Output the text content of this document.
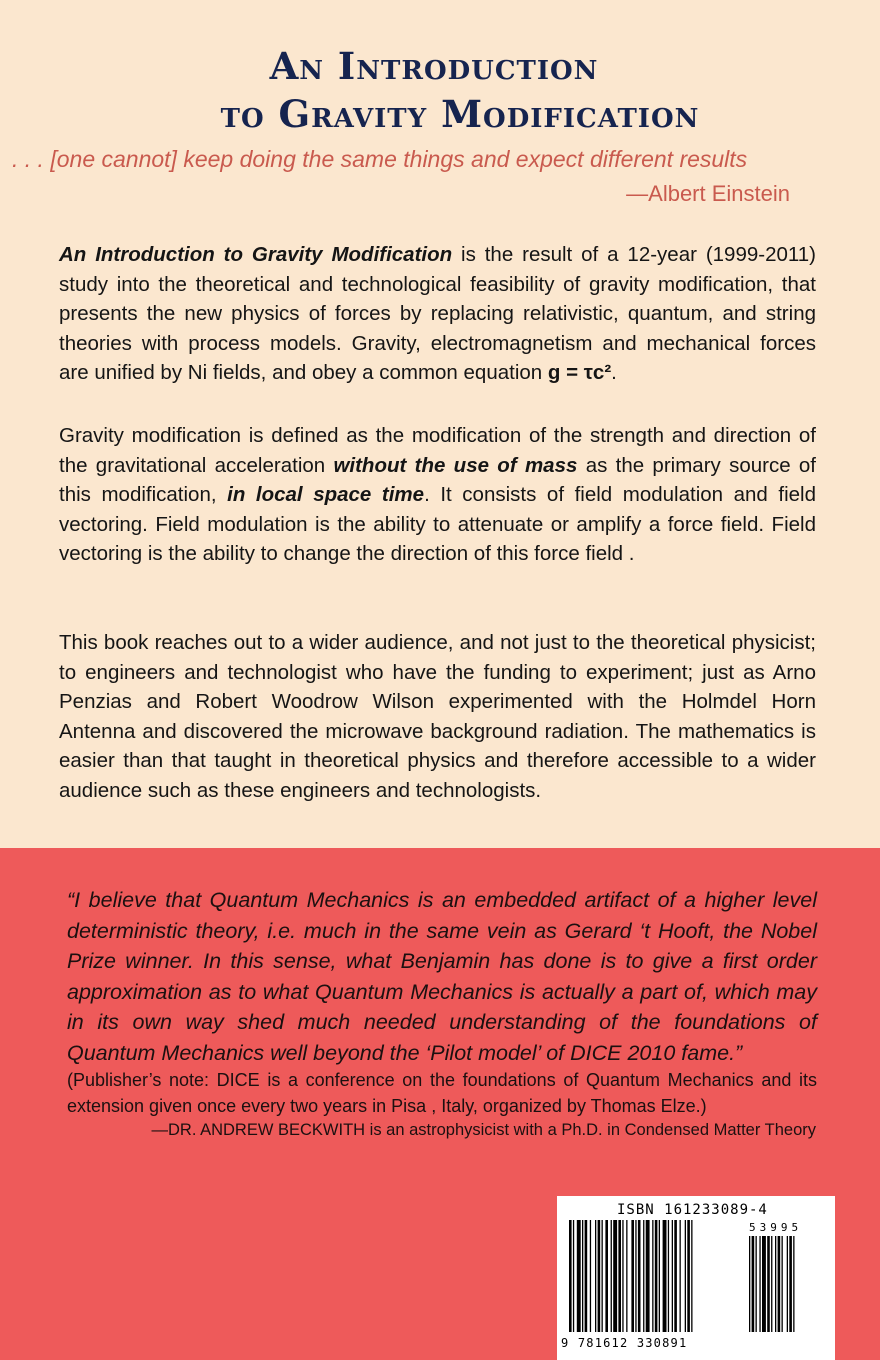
An Introduction
to Gravity Modification
. . . [one cannot] keep doing the same things and expect different results
—Albert Einstein
An Introduction to Gravity Modification is the result of a 12-year (1999-2011) study into the theoretical and technological feasibility of gravity modification, that presents the new physics of forces by replacing relativistic, quantum, and string theories with process models. Gravity, electromagnetism and mechanical forces are unified by Ni fields, and obey a common equation g = τc².
Gravity modification is defined as the modification of the strength and direction of the gravitational acceleration without the use of mass as the primary source of this modification, in local space time. It consists of field modulation and field vectoring. Field modulation is the ability to attenuate or amplify a force field. Field vectoring is the ability to change the direction of this force field .
This book reaches out to a wider audience, and not just to the theoretical physicist; to engineers and technologist who have the funding to experiment; just as Arno Penzias and Robert Woodrow Wilson experimented with the Holmdel Horn Antenna and discovered the microwave background radiation. The mathematics is easier than that taught in theoretical physics and therefore accessible to a wider audience such as these engineers and technologists.
“I believe that Quantum Mechanics is an embedded artifact of a higher level deterministic theory, i.e. much in the same vein as Gerard ‘t Hooft, the Nobel Prize winner. In this sense, what Benjamin has done is to give a first order approximation as to what Quantum Mechanics is actually a part of, which may in its own way shed much needed understanding of the foundations of Quantum Mechanics well beyond the ‘Pilot model’ of DICE 2010 fame.”
(Publisher’s note: DICE is a conference on the foundations of Quantum Mechanics and its extension given once every two years in Pisa , Italy, organized by Thomas Elze.)
—DR. ANDREW BECKWITH is an astrophysicist with a Ph.D. in Condensed Matter Theory
ISBN 161233089-4
53995
9 781612 330891
